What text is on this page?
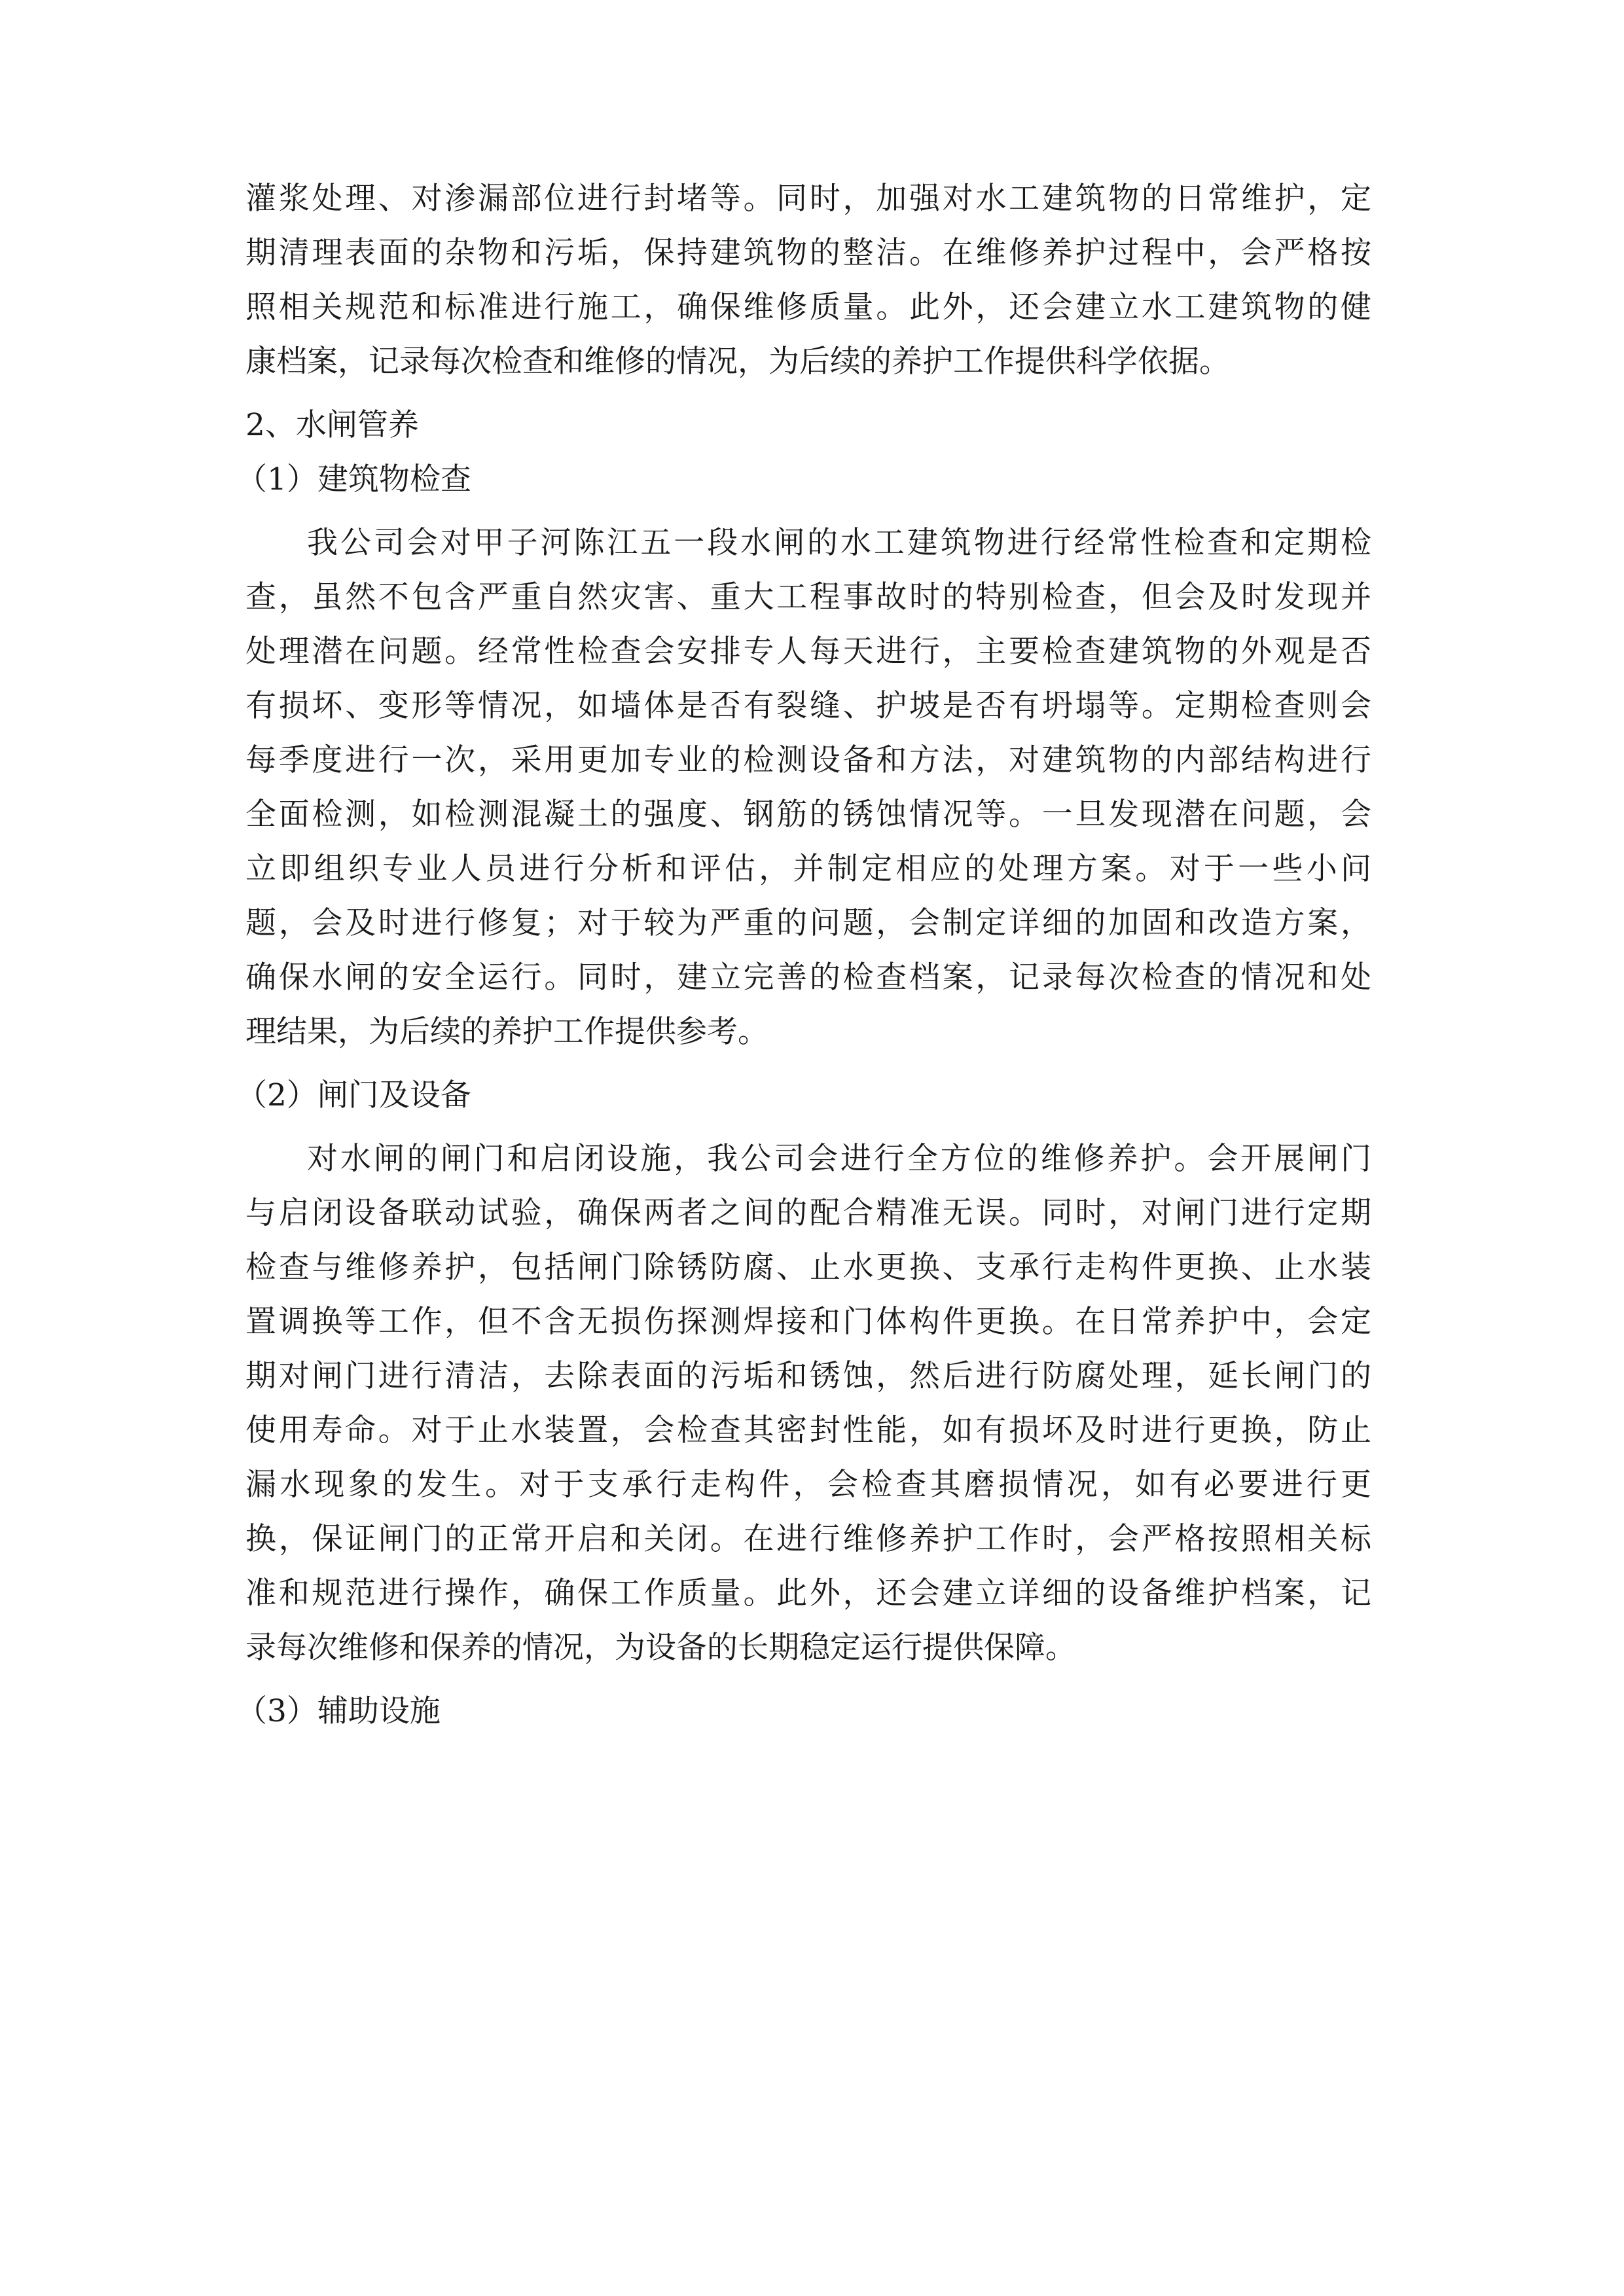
灌浆处理、对渗漏部位进行封堵等。同时，加强对水工建筑物的日常维护，定
期清理表面的杂物和污垢，保持建筑物的整洁。在维修养护过程中，会严格按
照相关规范和标准进行施工，确保维修质量。此外，还会建立水工建筑物的健
康档案，记录每次检查和维修的情况，为后续的养护工作提供科学依据。
2、水闸管养
（1）建筑物检查
我公司会对甲子河陈江五一段水闸的水工建筑物进行经常性检查和定期检
查，虽然不包含严重自然灾害、重大工程事故时的特别检查，但会及时发现并
处理潜在问题。经常性检查会安排专人每天进行，主要检查建筑物的外观是否
有损坏、变形等情况，如墙体是否有裂缝、护坡是否有坍塌等。定期检查则会
每季度进行一次，采用更加专业的检测设备和方法，对建筑物的内部结构进行
全面检测，如检测混凝土的强度、钢筋的锈蚀情况等。一旦发现潜在问题，会
立即组织专业人员进行分析和评估，并制定相应的处理方案。对于一些小问
题，会及时进行修复；对于较为严重的问题，会制定详细的加固和改造方案，
确保水闸的安全运行。同时，建立完善的检查档案，记录每次检查的情况和处
理结果，为后续的养护工作提供参考。
（2）闸门及设备
对水闸的闸门和启闭设施，我公司会进行全方位的维修养护。会开展闸门
与启闭设备联动试验，确保两者之间的配合精准无误。同时，对闸门进行定期
检查与维修养护，包括闸门除锈防腐、止水更换、支承行走构件更换、止水装
置调换等工作，但不含无损伤探测焊接和门体构件更换。在日常养护中，会定
期对闸门进行清洁，去除表面的污垢和锈蚀，然后进行防腐处理，延长闸门的
使用寿命。对于止水装置，会检查其密封性能，如有损坏及时进行更换，防止
漏水现象的发生。对于支承行走构件，会检查其磨损情况，如有必要进行更
换，保证闸门的正常开启和关闭。在进行维修养护工作时，会严格按照相关标
准和规范进行操作，确保工作质量。此外，还会建立详细的设备维护档案，记
录每次维修和保养的情况，为设备的长期稳定运行提供保障。
（3）辅助设施
